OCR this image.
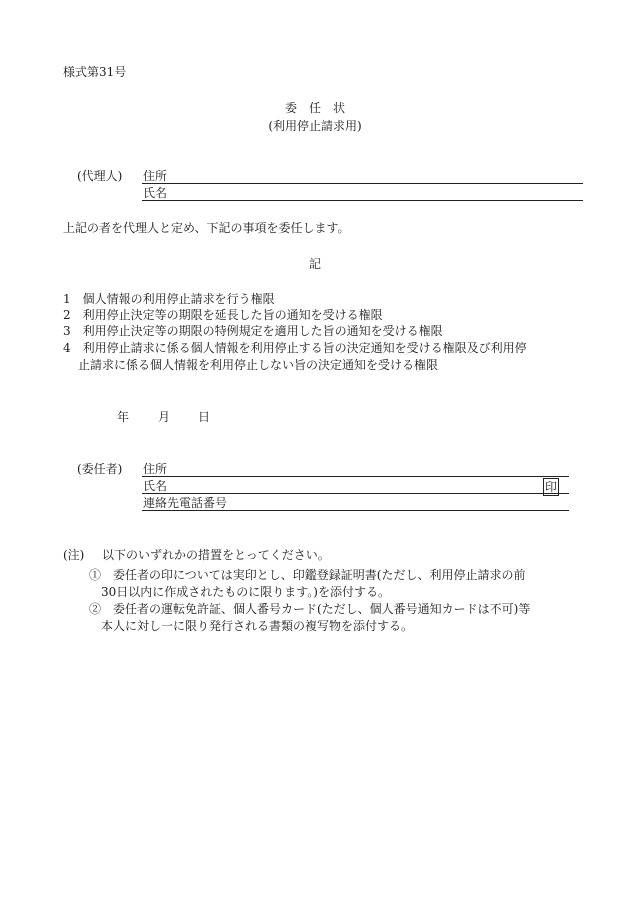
様式第31号
委　任　状
(利用停止請求用)
(代理人) 住所
氏名
上記の者を代理人と定め、下記の事項を委任します。
記
1　個人情報の利用停止請求を行う権限
2　利用停止決定等の期限を延長した旨の通知を受ける権限
3　利用停止決定等の期限の特例規定を適用した旨の通知を受ける権限
4　利用停止請求に係る個人情報を利用停止する旨の決定通知を受ける権限及び利用停
止請求に係る個人情報を利用停止しない旨の決定通知を受ける権限
年 月 日
(委任者) 住所
氏名	印
連絡先電話番号
(注) 以下のいずれかの措置をとってください。
①　委任者の印については実印とし、印鑑登録証明書(ただし、利用停止請求の前
30日以内に作成されたものに限ります。)を添付する。
②　委任者の運転免許証、個人番号カード(ただし、個人番号通知カードは不可)等
本人に対し一に限り発行される書類の複写物を添付する。
